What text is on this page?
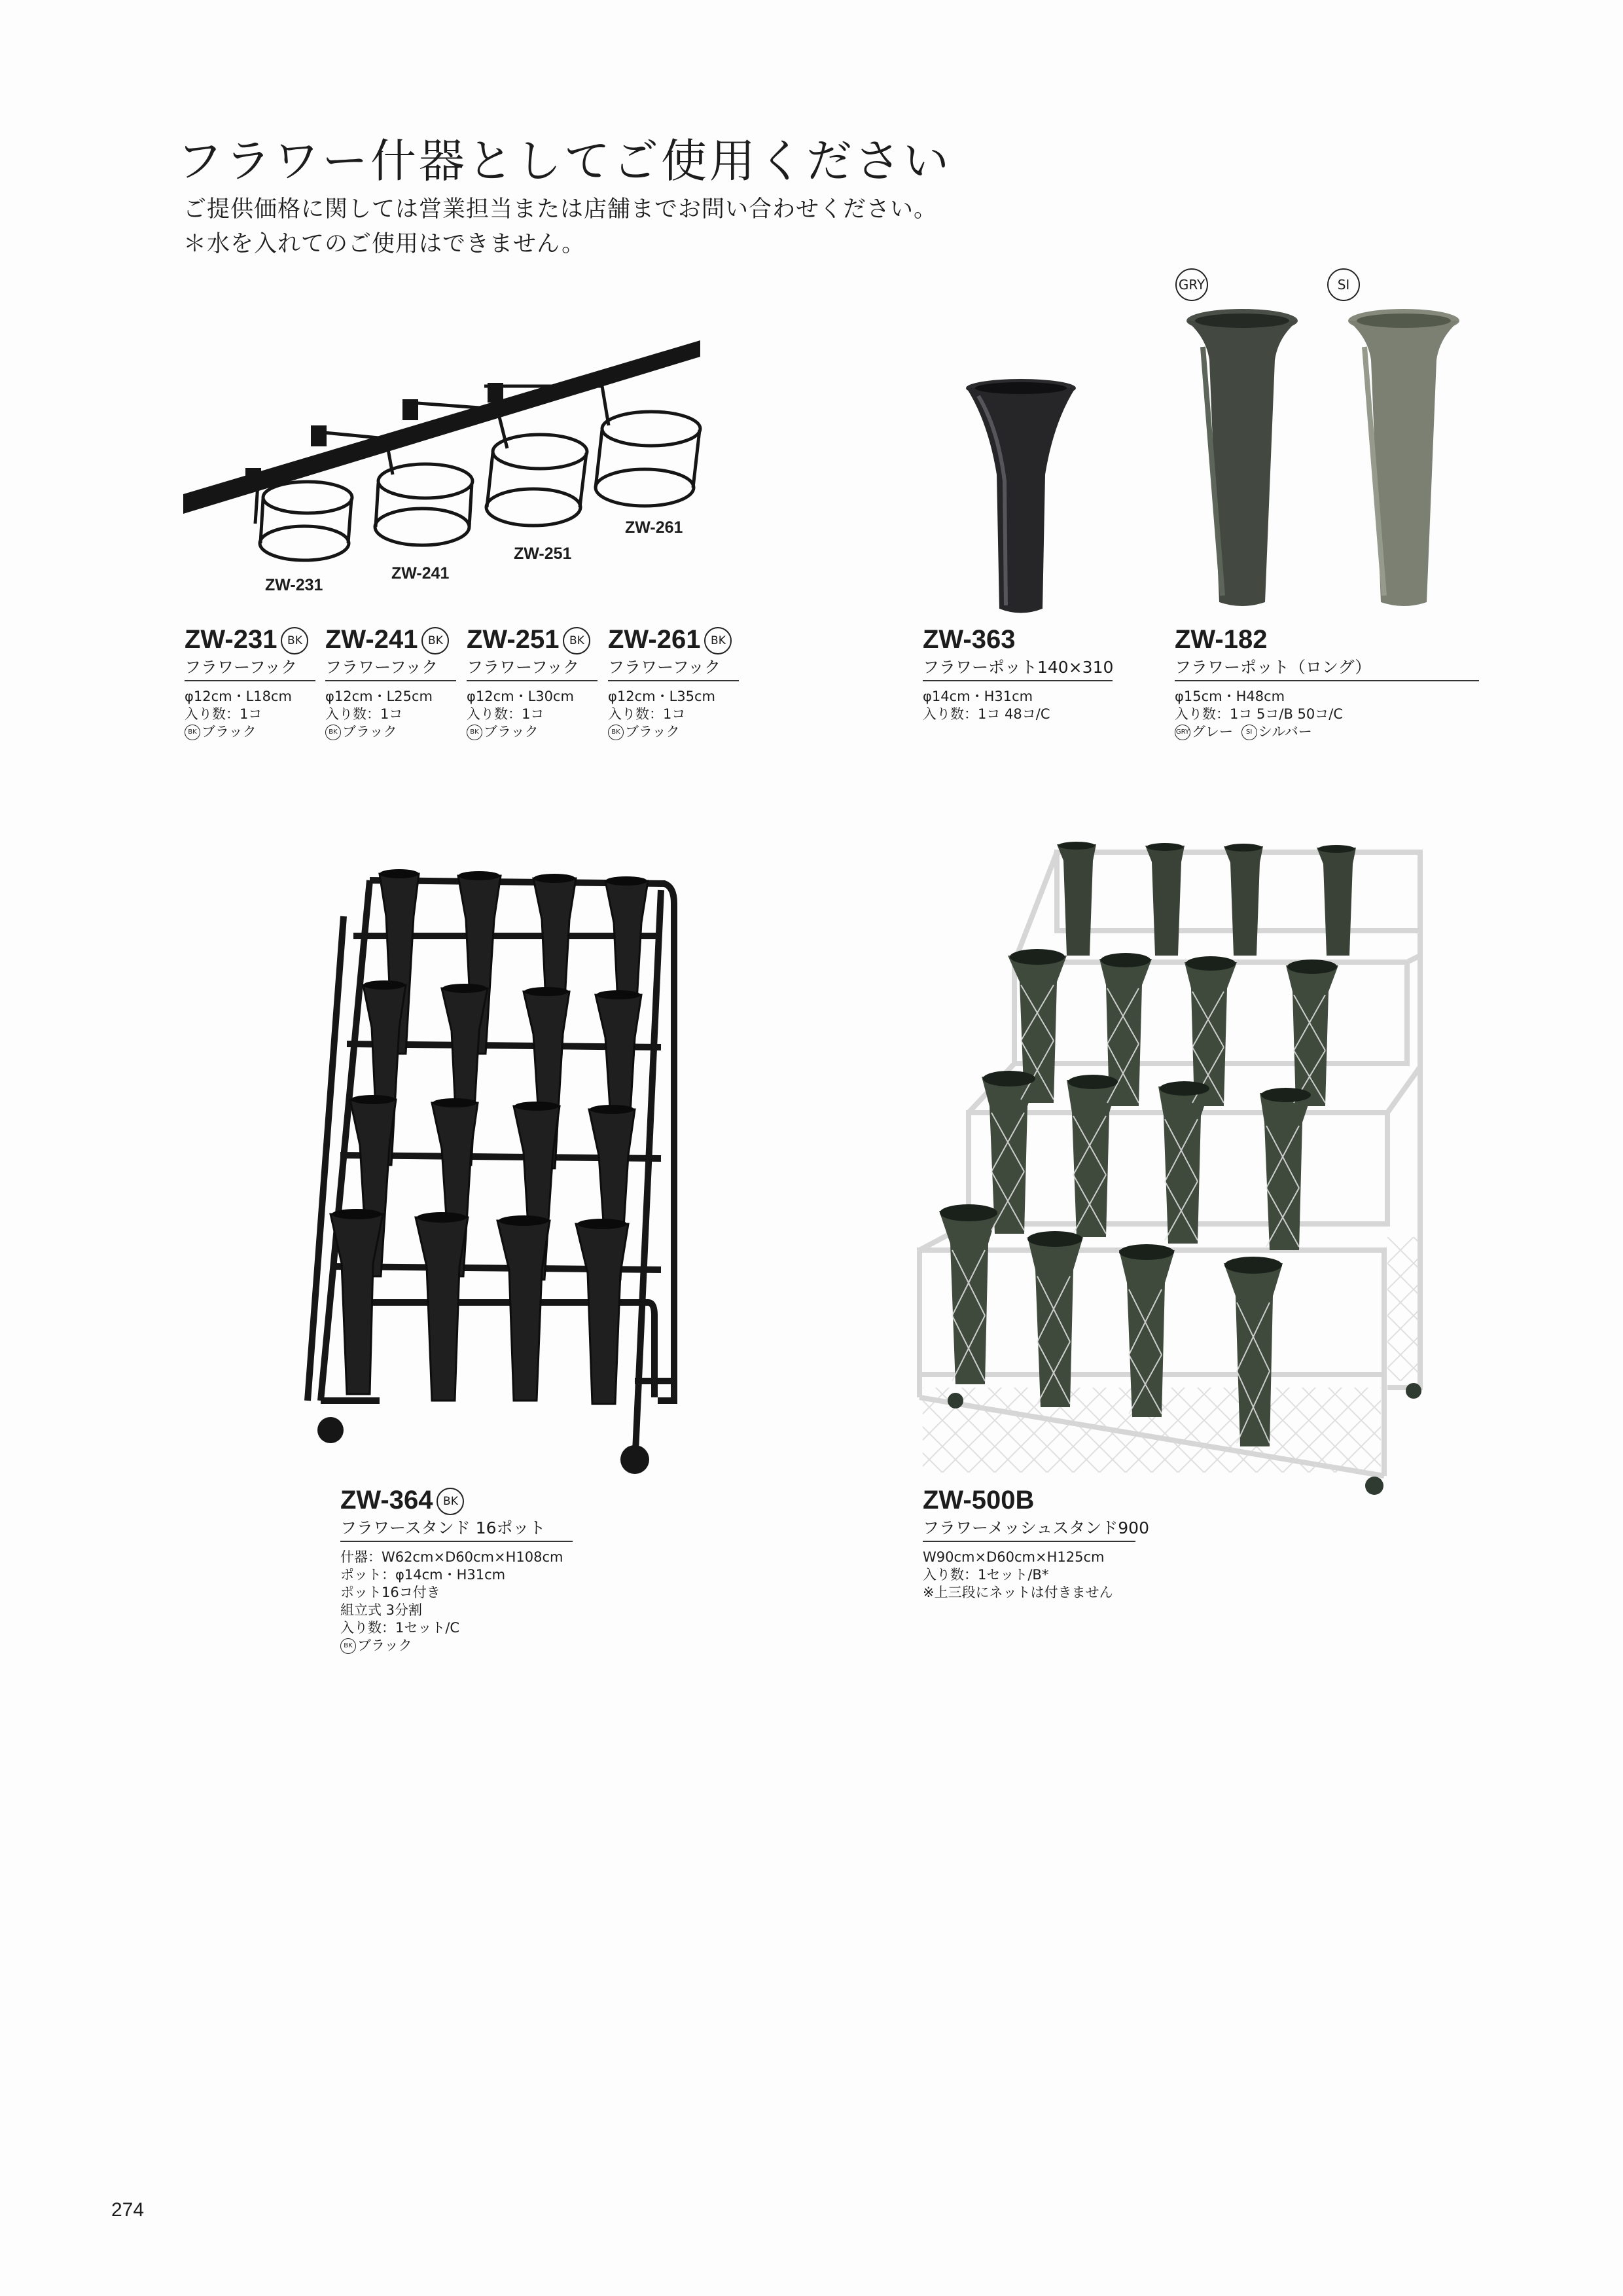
フラワー什器としてご使用ください
ご提供価格に関しては営業担当または店舗までお問い合わせください。
＊水を入れてのご使用はできません。
ZW-231
ZW-241
ZW-251
ZW-261
ZW-231 BK
フラワーフック
φ12cm・L18cm
入り数：1コ
BK ブラック
ZW-241 BK
フラワーフック
φ12cm・L25cm
入り数：1コ
BK ブラック
ZW-251 BK
フラワーフック
φ12cm・L30cm
入り数：1コ
BK ブラック
ZW-261 BK
フラワーフック
φ12cm・L35cm
入り数：1コ
BK ブラック
GRY	SI
ZW-363
フラワーポット140×310
φ14cm・H31cm
入り数：1コ 48コ/C
ZW-182
フラワーポット（ロング）
φ15cm・H48cm
入り数：1コ 5コ/B 50コ/C
GRY グレー SI シルバー
ZW-364 BK
フラワースタンド 16ポット
什器：W62cm×D60cm×H108cm
ポット：φ14cm・H31cm
ポット16コ付き
組立式 3分割
入り数：1セット/C
BK ブラック
ZW-500B
フラワーメッシュスタンド900
W90cm×D60cm×H125cm
入り数：1セット/B*
※上三段にネットは付きません
274
